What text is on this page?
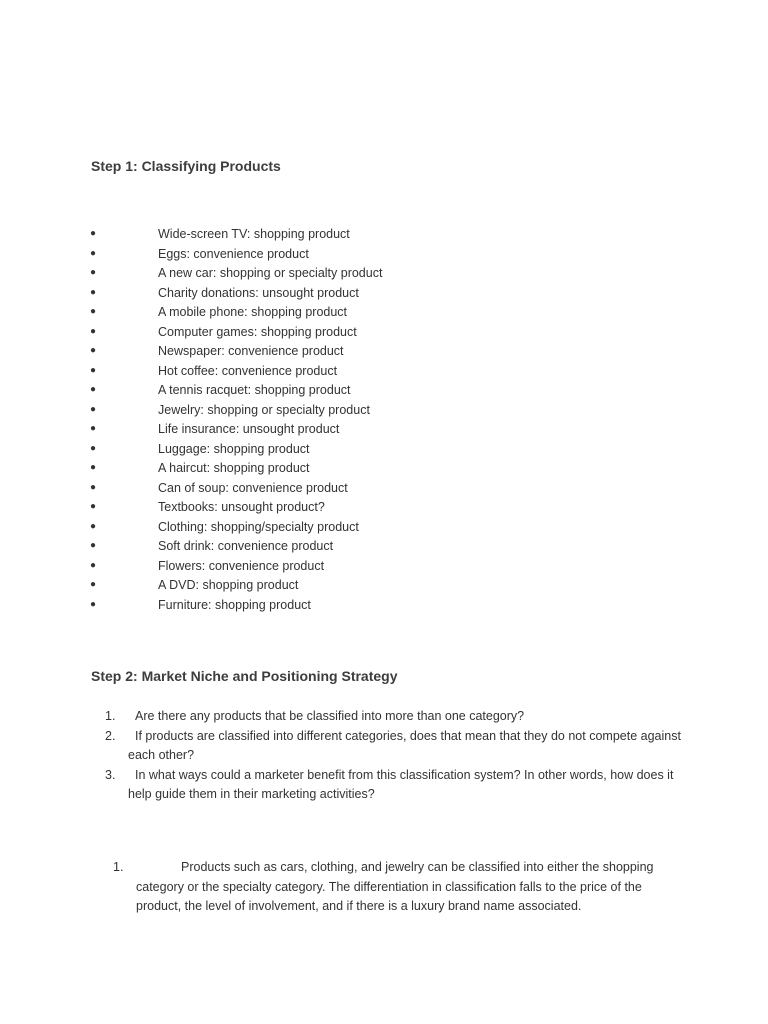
Step 1: Classifying Products
●	Wide-screen TV: shopping product
●	Eggs: convenience product
●	A new car: shopping or specialty product
●	Charity donations: unsought product
●	A mobile phone: shopping product
●	Computer games: shopping product
●	Newspaper: convenience product
●	Hot coffee: convenience product
●	A tennis racquet: shopping product
●	Jewelry: shopping or specialty product
●	Life insurance: unsought product
●	Luggage: shopping product
●	A haircut: shopping product
●	Can of soup: convenience product
●	Textbooks: unsought product?
●	Clothing: shopping/specialty product
●	Soft drink: convenience product
●	Flowers: convenience product
●	A DVD: shopping product
●	Furniture: shopping product
Step 2: Market Niche and Positioning Strategy
1.	Are there any products that be classified into more than one category?
2.	If products are classified into different categories, does that mean that they do not compete against each other?
3.	In what ways could a marketer benefit from this classification system? In other words, how does it help guide them in their marketing activities?
1.	Products such as cars, clothing, and jewelry can be classified into either the shopping category or the specialty category. The differentiation in classification falls to the price of the product, the level of involvement, and if there is a luxury brand name associated.
